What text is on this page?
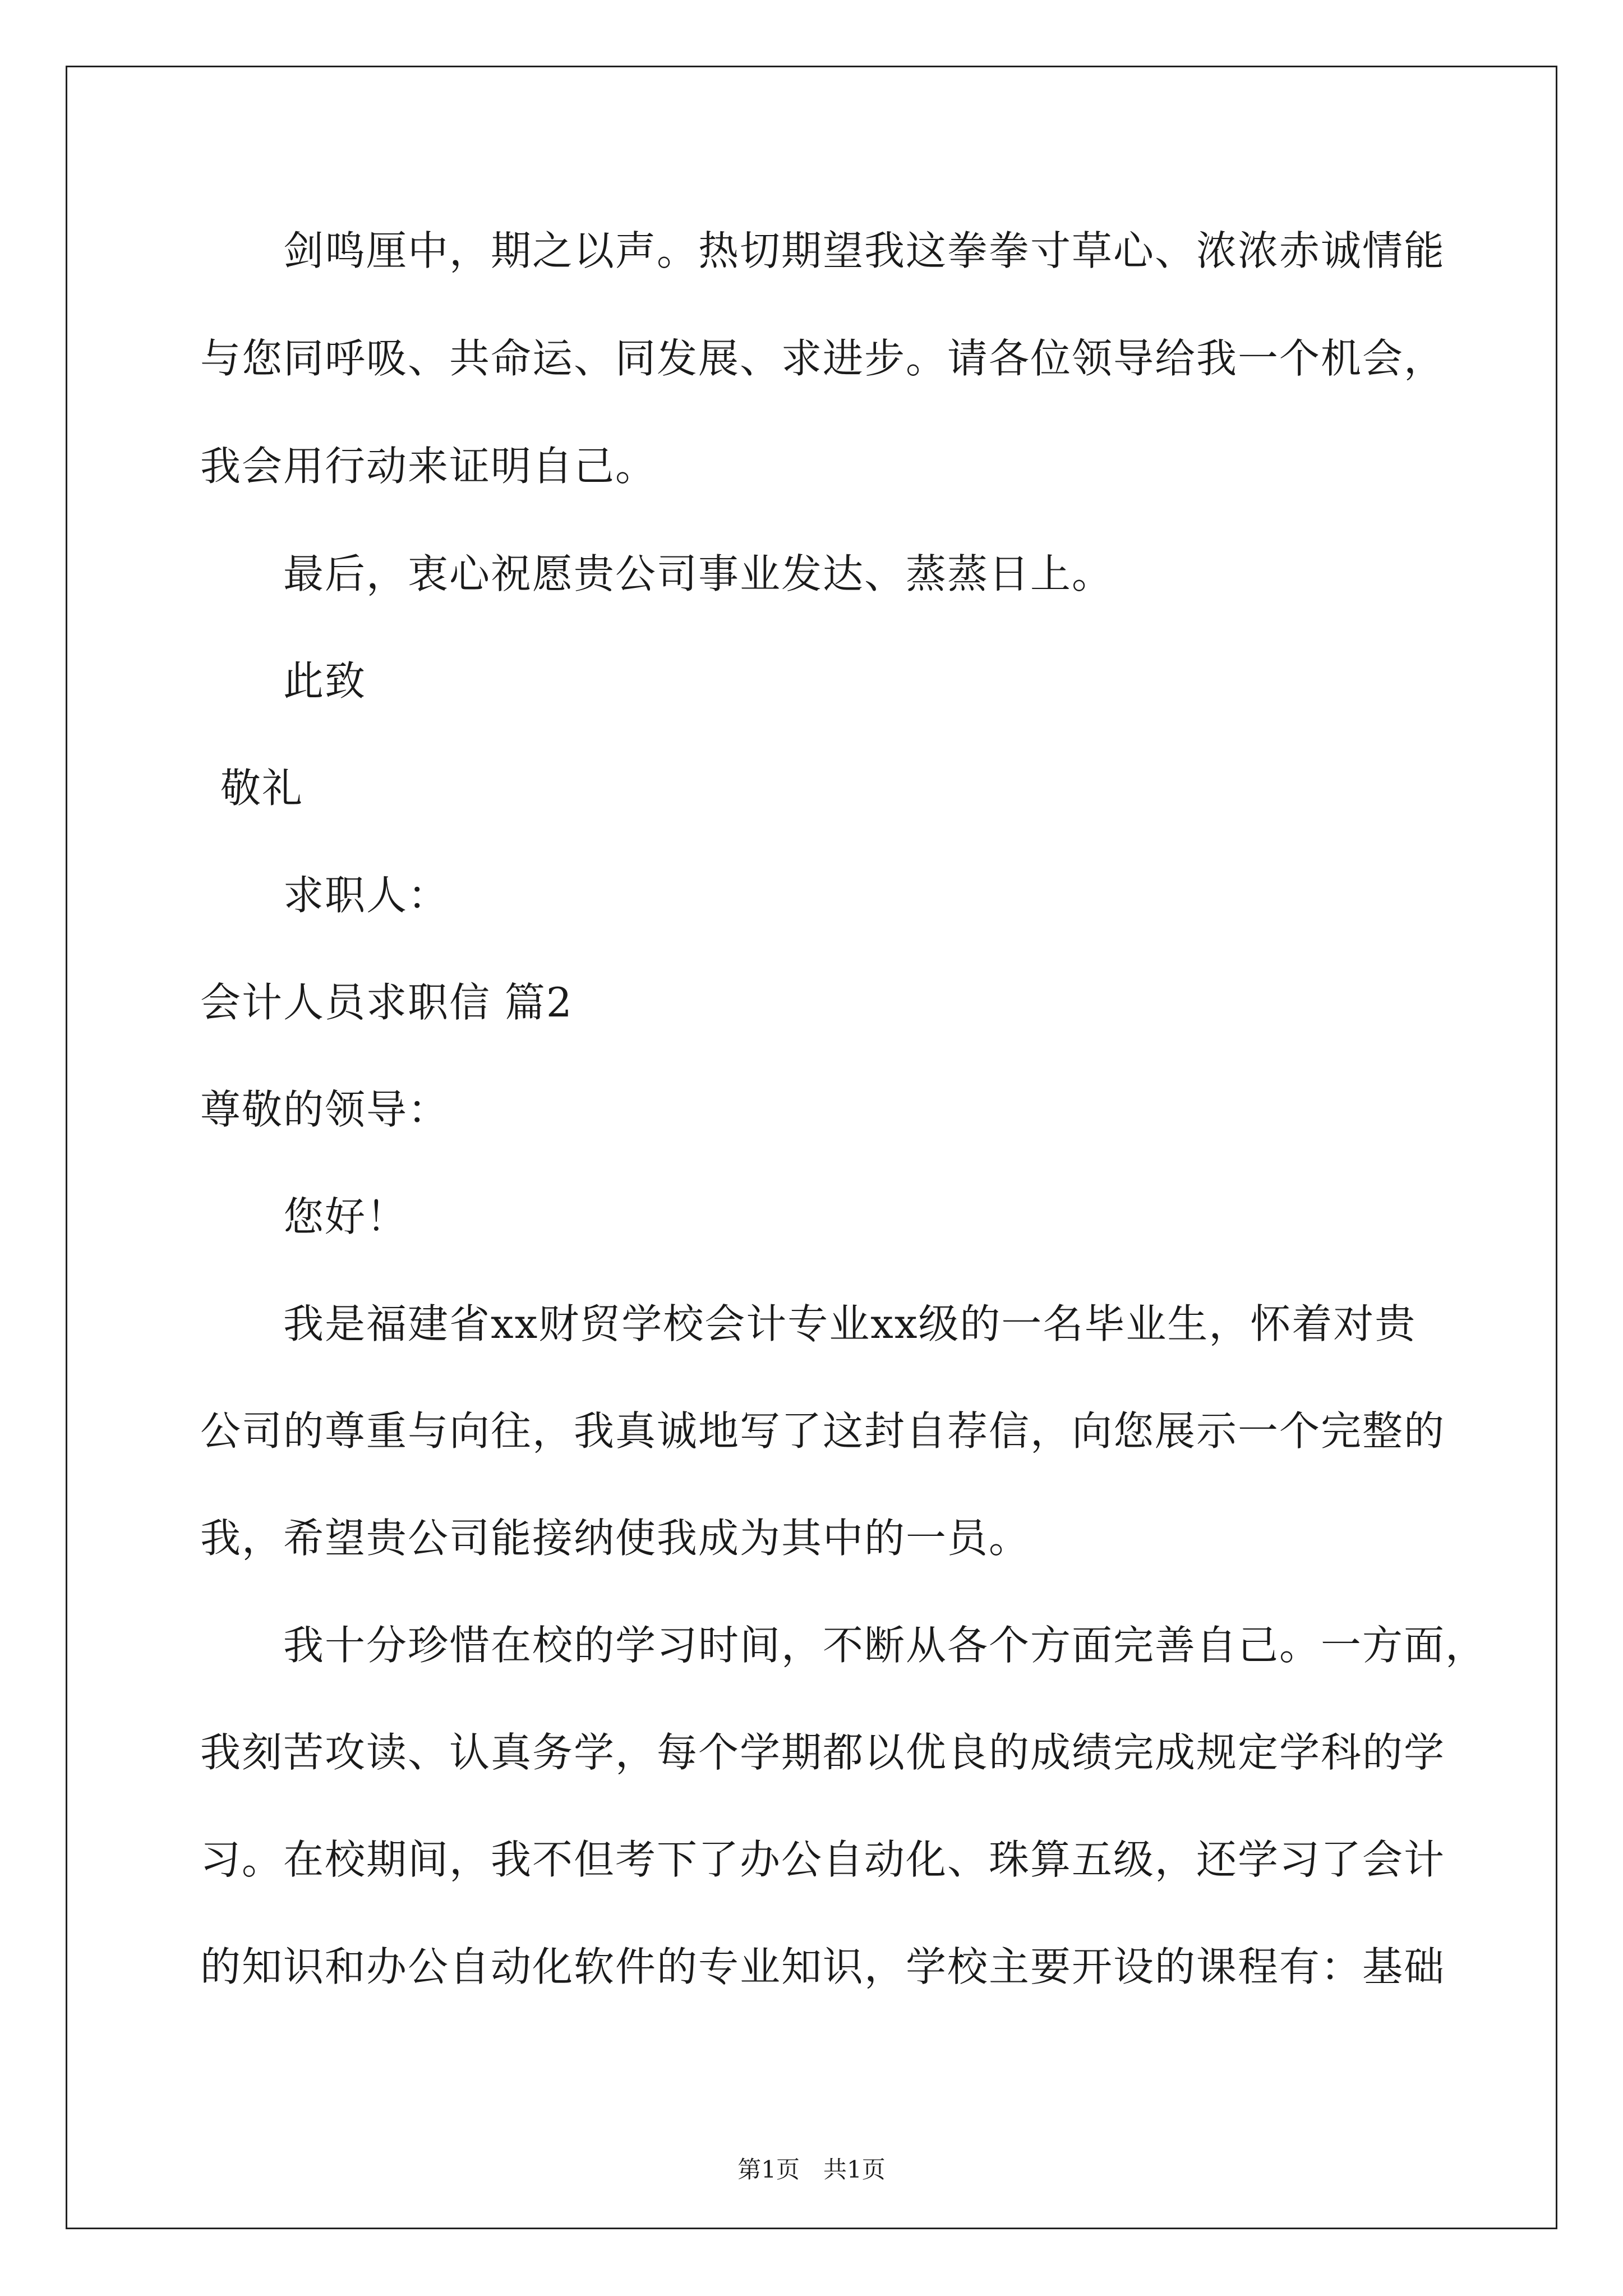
剑鸣厘中，期之以声。热切期望我这拳拳寸草心、浓浓赤诚情能
与您同呼吸、共命运、同发展、求进步。请各位领导给我一个机会，
我会用行动来证明自己。
最后，衷心祝愿贵公司事业发达、蒸蒸日上。
此致
敬礼
求职人：
会计人员求职信 篇2
尊敬的领导：
您好！
我是福建省xx财贸学校会计专业xx级的一名毕业生，怀着对贵
公司的尊重与向往，我真诚地写了这封自荐信，向您展示一个完整的
我，希望贵公司能接纳使我成为其中的一员。
我十分珍惜在校的学习时间，不断从各个方面完善自己。一方面，
我刻苦攻读、认真务学，每个学期都以优良的成绩完成规定学科的学
习。在校期间，我不但考下了办公自动化、珠算五级，还学习了会计
的知识和办公自动化软件的专业知识，学校主要开设的课程有：基础
第1页　共1页
